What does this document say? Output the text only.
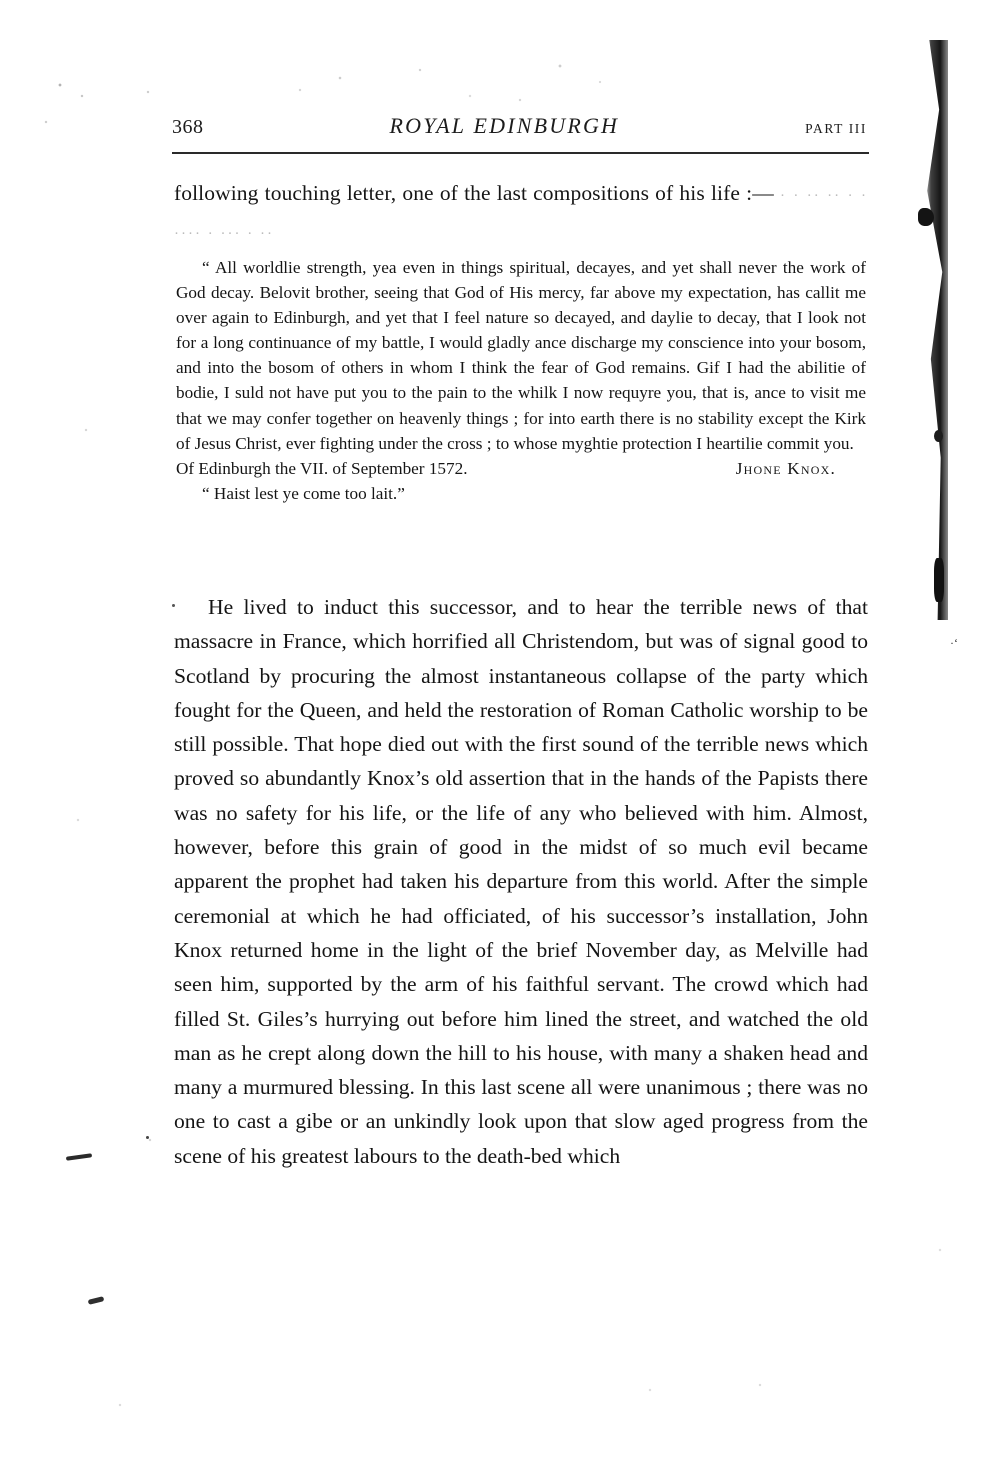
·ʻ
368	ROYAL EDINBURGH	PART III
following touching letter, one of the last compositions of his life :— · · ·· ·· · · ···· · ··· · ··

“ All worldlie strength, yea even in things spiritual, decayes, and yet shall never the work of God decay. Belovit brother, seeing that God of His mercy, far above my expectation, has callit me over again to Edinburgh, and yet that I feel nature so decayed, and daylie to decay, that I look not for a long continuance of my battle, I would gladly ance discharge my conscience into your bosom, and into the bosom of others in whom I think the fear of God remains. Gif I had the abilitie of bodie, I suld not have put you to the pain to the whilk I now requyre you, that is, ance to visit me that we may confer together on heavenly things ; for into earth there is no stability except the Kirk of Jesus Christ, ever fighting under the cross ; to whose myghtie protection I heartilie commit you.

Of Edinburgh the VII. of September 1572.	Jhone Knox.

“ Haist lest ye come too lait.”

He lived to induct this successor, and to hear the terrible news of that massacre in France, which horrified all Christendom, but was of signal good to Scotland by procuring the almost instantaneous collapse of the party which fought for the Queen, and held the restoration of Roman Catholic worship to be still possible. That hope died out with the first sound of the terrible news which proved so abundantly Knox’s old assertion that in the hands of the Papists there was no safety for his life, or the life of any who believed with him. Almost, however, before this grain of good in the midst of so much evil became apparent the prophet had taken his departure from this world. After the simple ceremonial at which he had officiated, of his successor’s installation, John Knox returned home in the light of the brief November day, as Melville had seen him, supported by the arm of his faithful servant. The crowd which had filled St. Giles’s hurrying out before him lined the street, and watched the old man as he crept along down the hill to his house, with many a shaken head and many a murmured blessing. In this last scene all were unanimous ; there was no one to cast a gibe or an unkindly look upon that slow aged progress from the scene of his greatest labours to the death-bed which
